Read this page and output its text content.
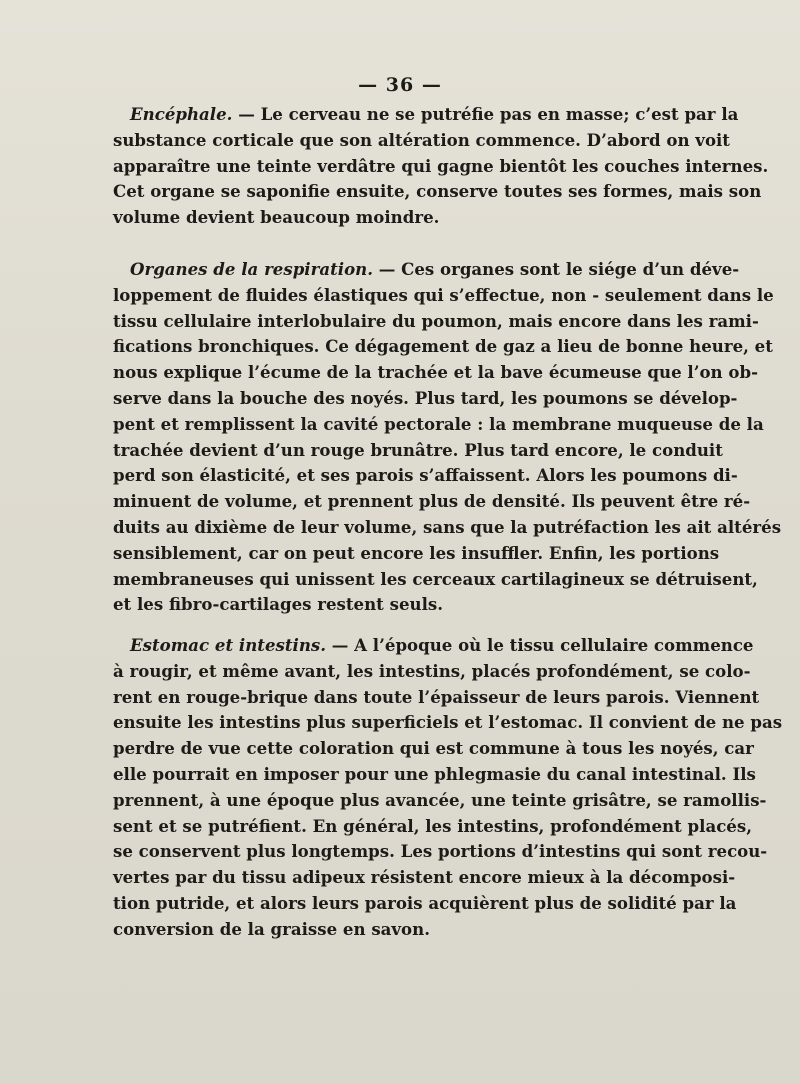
— 36 —
Encéphale. — Le cerveau ne se putréfie pas en masse; c’est par la
substance corticale que son altération commence. D’abord on voit
apparaître une teinte verdâtre qui gagne bientôt les couches internes.
Cet organe se saponifie ensuite, conserve toutes ses formes, mais son
volume devient beaucoup moindre.
Organes de la respiration. — Ces organes sont le siége d’un déve-
loppement de fluides élastiques qui s’effectue, non - seulement dans le
tissu cellulaire interlobulaire du poumon, mais encore dans les rami-
fications bronchiques. Ce dégagement de gaz a lieu de bonne heure, et
nous explique l’écume de la trachée et la bave écumeuse que l’on ob-
serve dans la bouche des noyés. Plus tard, les poumons se dévelop-
pent et remplissent la cavité pectorale : la membrane muqueuse de la
trachée devient d’un rouge brunâtre. Plus tard encore, le conduit
perd son élasticité, et ses parois s’affaissent. Alors les poumons di-
minuent de volume, et prennent plus de densité. Ils peuvent être ré-
duits au dixième de leur volume, sans que la putréfaction les ait altérés
sensiblement, car on peut encore les insuffler. Enfin, les portions
membraneuses qui unissent les cerceaux cartilagineux se détruisent,
et les fibro-cartilages restent seuls.
Estomac et intestins. — A l’époque où le tissu cellulaire commence
à rougir, et même avant, les intestins, placés profondément, se colo-
rent en rouge-brique dans toute l’épaisseur de leurs parois. Viennent
ensuite les intestins plus superficiels et l’estomac. Il convient de ne pas
perdre de vue cette coloration qui est commune à tous les noyés, car
elle pourrait en imposer pour une phlegmasie du canal intestinal. Ils
prennent, à une époque plus avancée, une teinte grisâtre, se ramollis-
sent et se putréfient. En général, les intestins, profondément placés,
se conservent plus longtemps. Les portions d’intestins qui sont recou-
vertes par du tissu adipeux résistent encore mieux à la décomposi-
tion putride, et alors leurs parois acquièrent plus de solidité par la
conversion de la graisse en savon.
